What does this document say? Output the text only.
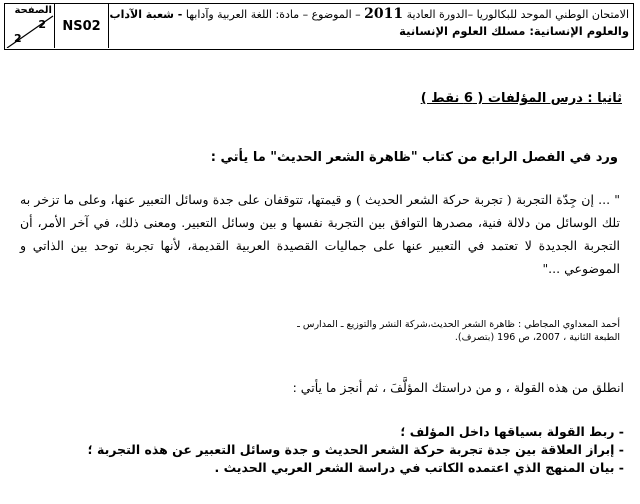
الصفحة
2
2
NS02
الامتحان الوطني الموحد للبكالوريا –الدورة العادية 2011 – الموضوع – مادة: اللغة العربية وآدابها - شعبة الآداب
والعلوم الإنسانية: مسلك العلوم الإنسانية
ثانيا : درس المؤلفات ( 6 نقط )
ورد في الفصل الرابع من كتاب "ظاهرة الشعر الحديث" ما يأتي :
" ... إن جِدّة التجربة ( تجربة حركة الشعر الحديث ) و قيمتها، تتوقفان على جدة وسائل التعبير عنها، وعلى ما تزخر به تلك الوسائل من دلالة فنية، مصدرها التوافق بين التجربة نفسها و بين وسائل التعبير. ومعنى ذلك، في آخر الأمر، أن التجربة الجديدة لا تعتمد في التعبير عنها على جماليات القصيدة العربية القديمة، لأنها تجربة توحد بين الذاتي و الموضوعي ..."
أحمد المعداوي المجاطي : ظاهرة الشعر الحديث،شركة النشر والتوزيع ـ المدارس ـ
الطبعة الثانية ، 2007، ص 196 (بتصرف).
انطلق من هذه القولة ، و من دراستك المؤلَّفَ ، ثم أنجز ما يأتي :
- ربط القولة بسياقها داخل المؤلف ؛
- إبراز العلاقة بين جدة تجربة حركة الشعر الحديث و جدة وسائل التعبير عن هذه التجربة ؛
- بيان المنهج الذي اعتمده الكاتب في دراسة الشعر العربي الحديث .
